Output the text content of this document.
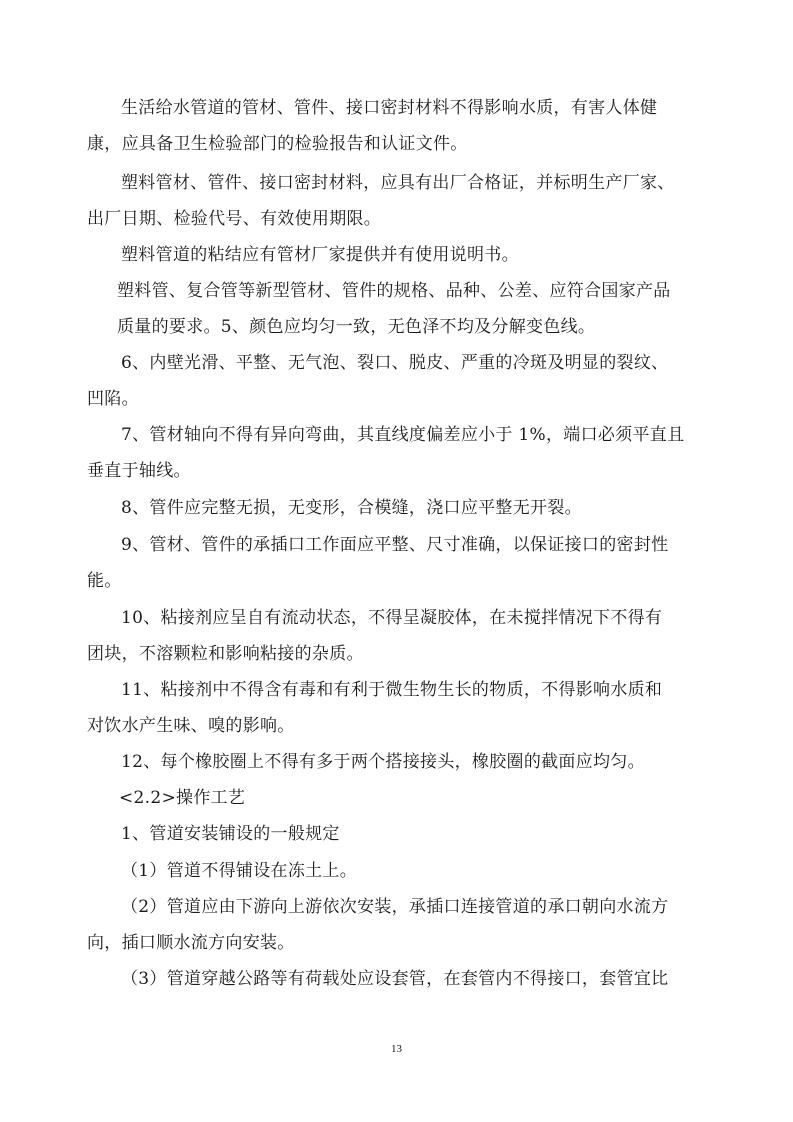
生活给水管道的管材、管件、接口密封材料不得影响水质，有害人体健
康，应具备卫生检验部门的检验报告和认证文件。
塑料管材、管件、接口密封材料，应具有出厂合格证，并标明生产厂家、
出厂日期、检验代号、有效使用期限。
塑料管道的粘结应有管材厂家提供并有使用说明书。
塑料管、复合管等新型管材、管件的规格、品种、公差、应符合国家产品
质量的要求。5、颜色应均匀一致，无色泽不均及分解变色线。
6、内壁光滑、平整、无气泡、裂口、脱皮、严重的冷斑及明显的裂纹、
凹陷。
7、管材轴向不得有异向弯曲，其直线度偏差应小于 1%，端口必须平直且
垂直于轴线。
8、管件应完整无损，无变形，合模缝，浇口应平整无开裂。
9、管材、管件的承插口工作面应平整、尺寸准确，以保证接口的密封性
能。
10、粘接剂应呈自有流动状态，不得呈凝胶体，在未搅拌情况下不得有
团块，不溶颗粒和影响粘接的杂质。
11、粘接剂中不得含有毒和有利于微生物生长的物质，不得影响水质和
对饮水产生味、嗅的影响。
12、每个橡胶圈上不得有多于两个搭接接头，橡胶圈的截面应均匀。
<2.2>操作工艺
1、管道安装铺设的一般规定
（1）管道不得铺设在冻土上。
（2）管道应由下游向上游依次安装，承插口连接管道的承口朝向水流方
向，插口顺水流方向安装。
（3）管道穿越公路等有荷载处应设套管，在套管内不得接口，套管宜比
13
